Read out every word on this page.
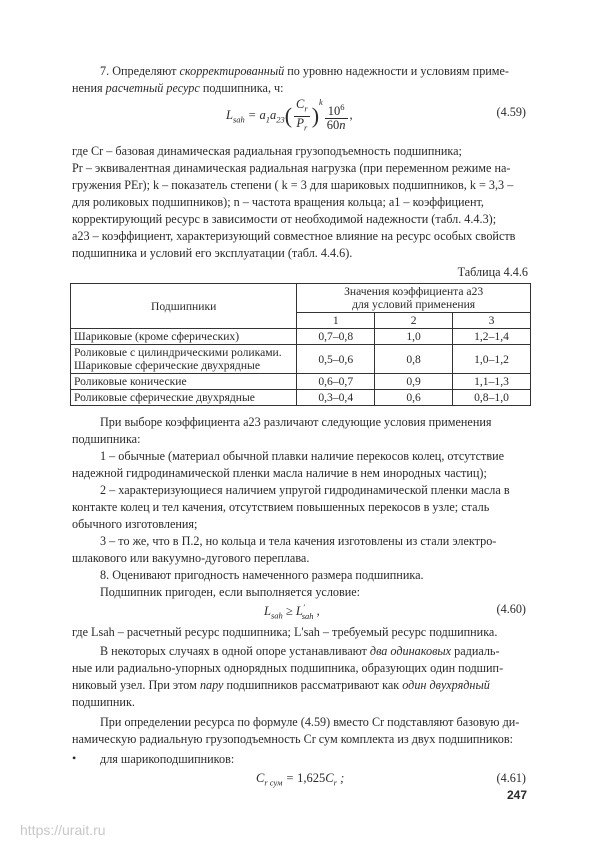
7. Определяют скорректированный по уровню надежности и условиям приме-
нения расчетный ресурс подшипника, ч:
$L_{sah} = a_1a_{23}( \frac{C_r}{P_r} )^k \frac{10^6}{60n}$ ,	(4.59)
где Cr – базовая динамическая радиальная грузоподъемность подшипника;
Pr – эквивалентная динамическая радиальная нагрузка (при переменном режиме на-
гружения PEr); k – показатель степени ( k = 3 для шариковых подшипников, k = 3,3 –
для роликовых подшипников); n – частота вращения кольца; a1 – коэффициент,
корректирующий ресурс в зависимости от необходимой надежности (табл. 4.4.3);
a23 – коэффициент, характеризующий совместное влияние на ресурс особых свойств
подшипника и условий его эксплуатации (табл. 4.4.6).
Таблица 4.4.6
Подшипники	Значения коэффициента a23
для условий применения		

	1	2	3
Шариковые (кроме сферических)	0,7–0,8	1,0	1,2–1,4

Роликовые с цилиндрическими роликами.
Шариковые сферические двухрядные	0,5–0,6	0,8	1,0–1,2
Роликовые конические	0,6–0,7	0,9	1,1–1,3
Роликовые сферические двухрядные	0,3–0,4	0,6	0,8–1,0
При выборе коэффициента a23 различают следующие условия применения
подшипника:
1 – обычные (материал обычной плавки наличие перекосов колец, отсутствие
надежной гидродинамической пленки масла наличие в нем инородных частиц);
2 – характеризующиеся наличием упругой гидродинамической пленки масла в
контакте колец и тел качения, отсутствием повышенных перекосов в узле; сталь
обычного изготовления;
3 – то же, что в П.2, но кольца и тела качения изготовлены из стали электро-
шлакового или вакуумно-дугового переплава.
8. Оценивают пригодность намеченного размера подшипника.
Подшипник пригоден, если выполняется условие:
$L_{sah} \ge L'_{sah}$ ,	(4.60)
где Lsah – расчетный ресурс подшипника; L'sah – требуемый ресурс подшипника.
В некоторых случаях в одной опоре устанавливают два одинаковых радиаль-
ные или радиально-упорных однорядных подшипника, образующих один подшип-
никовый узел. При этом пару подшипников рассматривают как один двухрядный
подшипник.
При определении ресурса по формуле (4.59) вместо Cr подставляют базовую ди-
намическую радиальную грузоподъемность Cr сум комплекта из двух подшипников:
• для шарикоподшипников:
$C_{r сум} = 1,625C_r$ ;	(4.61)
247
https://urait.ru
